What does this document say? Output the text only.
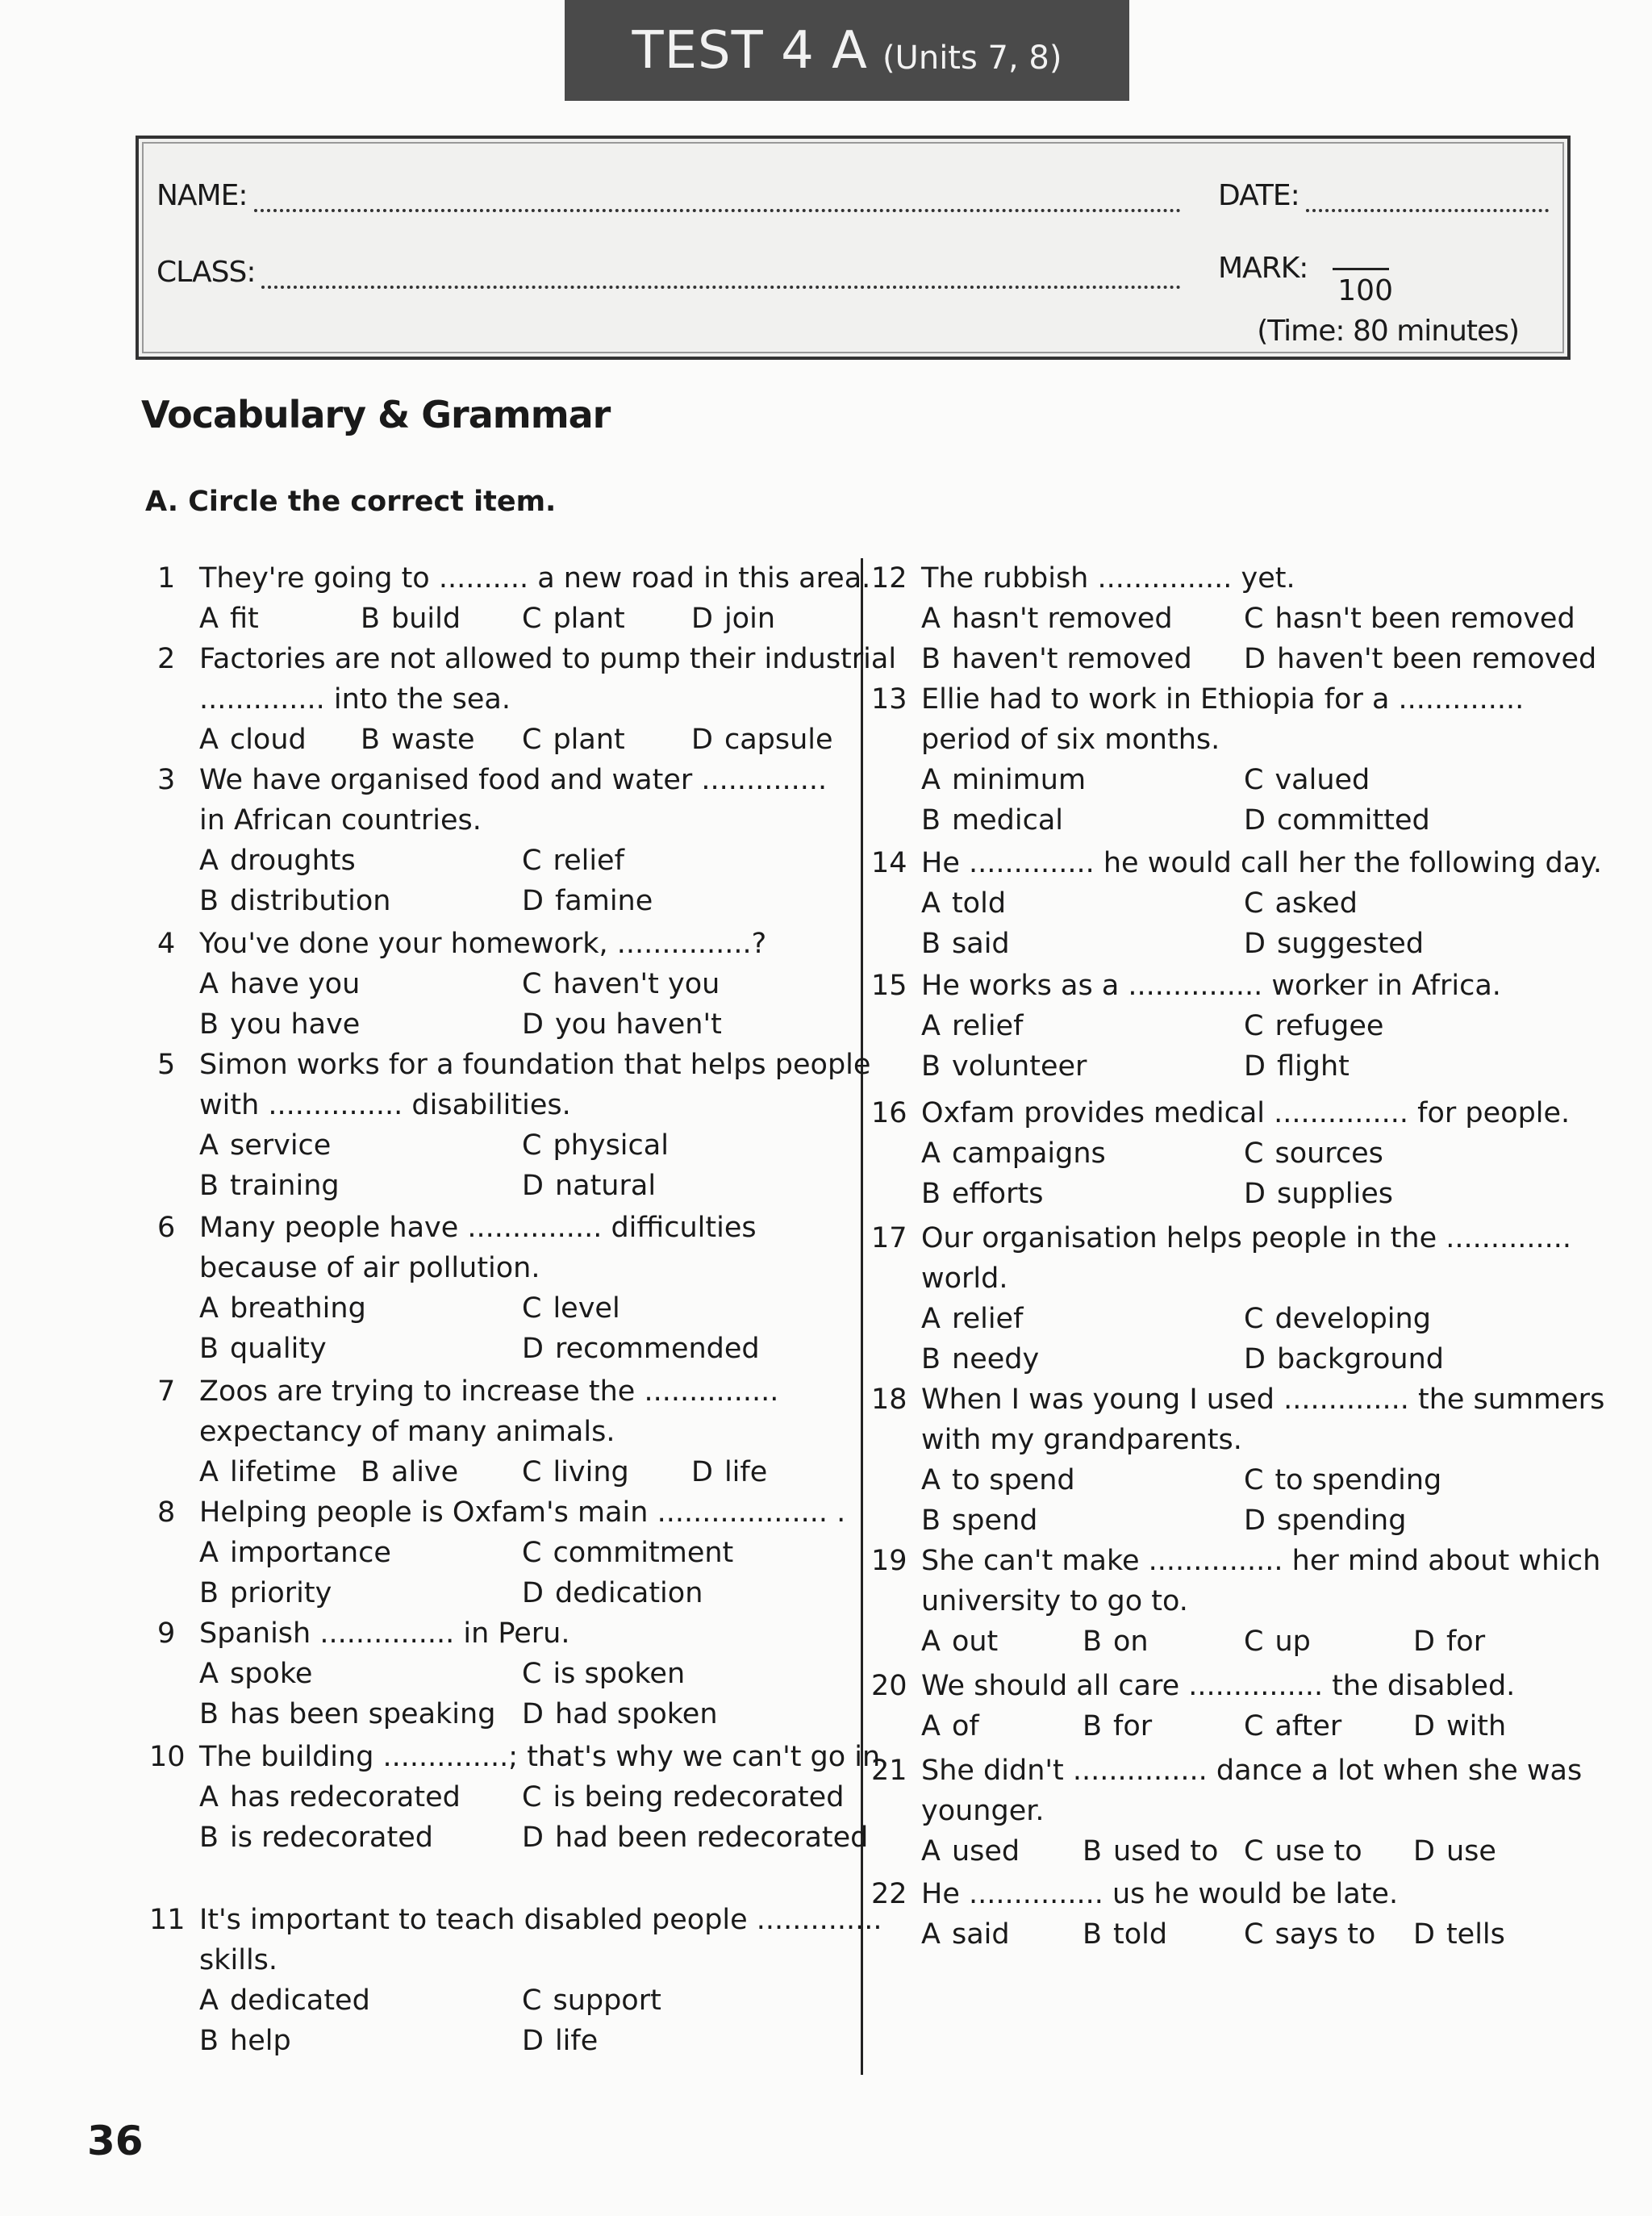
TEST 4 A (Units 7, 8)
NAME:	DATE:
CLASS:	MARK:
100
(Time: 80 minutes)
Vocabulary & Grammar
A. Circle the correct item.
1 They're going to .......... a new road in this area.
A fit	B build C plant D join
2 Factories are not allowed to pump their industrial
.............. into the sea.
A cloud B waste C plant D capsule
3 We have organised food and water ..............
in African countries.
A droughts
B distribution
C relief
D famine
4 You've done your homework, ...............?
A have you
B you have
C haven't you
D you haven't
5 Simon works for a foundation that helps people
with ............... disabilities.
A service
B training
C physical
D natural
6 Many people have ............... difficulties
because of air pollution.
A breathing
B quality
C level
D recommended
7 Zoos are trying to increase the ...............
expectancy of many animals.
A lifetime B alive C living D life
8 Helping people is Oxfam's main ................... .
A importance
B priority
C commitment
D dedication
9 Spanish ............... in Peru.
A spoke
B has been speaking
C is spoken
D had spoken
10 The building ..............; that's why we can't go in.
A has redecorated
B is redecorated
C is being redecorated
D had been redecorated
11 It's important to teach disabled people ..............
skills.
A dedicated
B help
C support
D life
12 The rubbish ............... yet.
A hasn't removed
B haven't removed
C hasn't been removed
D haven't been removed
13 Ellie had to work in Ethiopia for a ..............
period of six months.
A minimum
B medical
C valued
D committed
14 He .............. he would call her the following day.
A told
B said
C asked
D suggested
15 He works as a ............... worker in Africa.
A relief
B volunteer
C refugee
D flight
16 Oxfam provides medical ............... for people.
A campaigns
B efforts
C sources
D supplies
17 Our organisation helps people in the ..............
world.
A relief
B needy
C developing
D background
18 When I was young I used .............. the summers
with my grandparents.
A to spend
B spend
C to spending
D spending
19 She can't make ............... her mind about which
university to go to.
A out	B on	C up	D for
20 We should all care ............... the disabled.
A of	B for	C after	D with
21 She didn't ............... dance a lot when she was
younger.
A used B used to C use to D use
22 He ............... us he would be late.
A said	B told	C says to D tells
36
